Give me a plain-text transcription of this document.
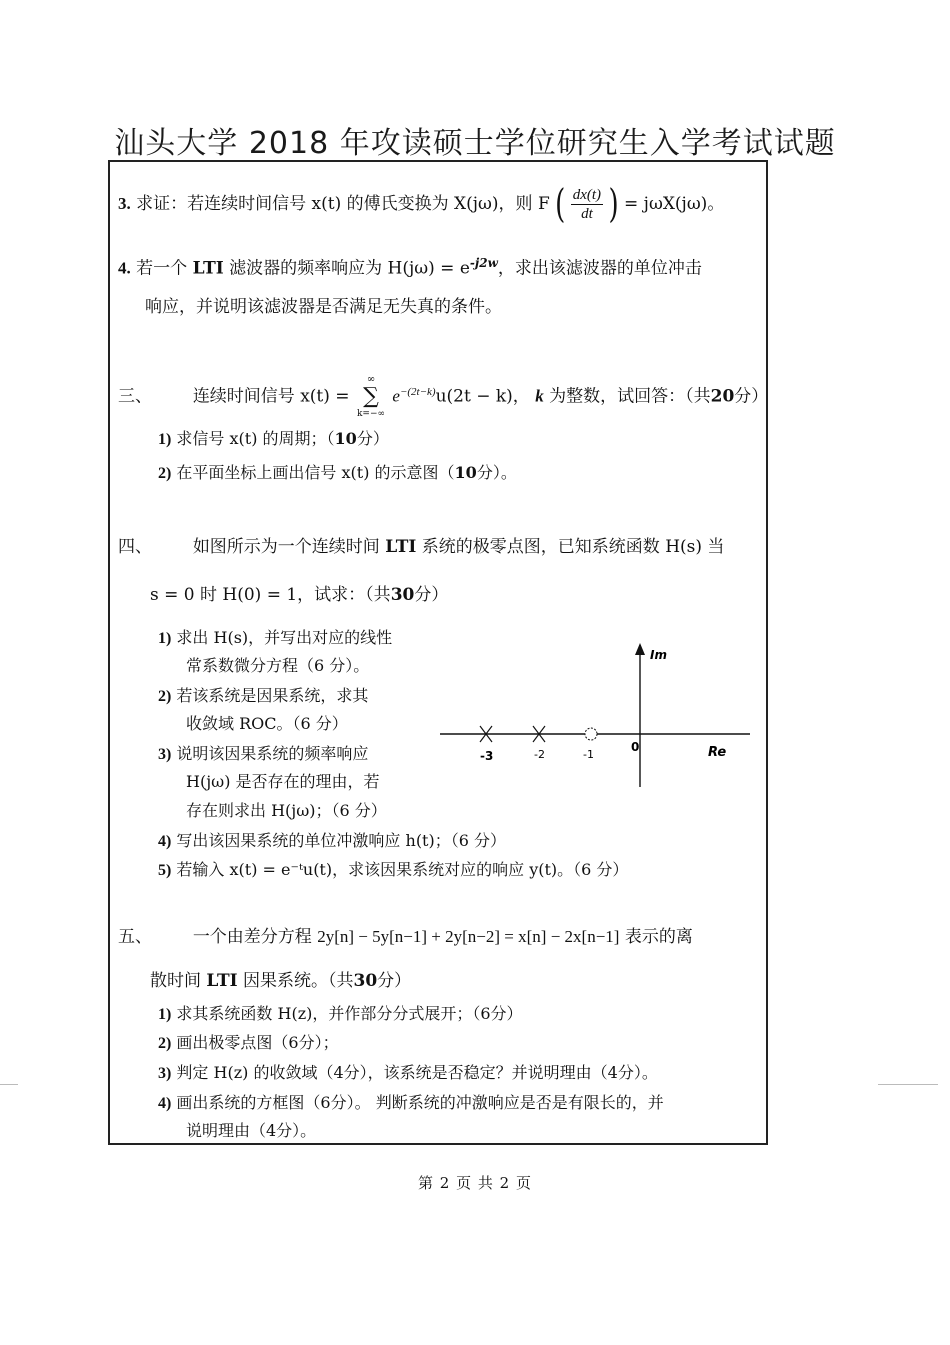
汕头大学 2018 年攻读硕士学位研究生入学考试试题
3. 求证：若连续时间信号 x(t) 的傅氏变换为 X(jω)，则 F ( $\frac{dx(t)}{dt}$ ) = jωX(jω)。
4. 若一个 LTI 滤波器的频率响应为 $H(j\omega) = e^{-j2w}$，求出该滤波器的单位冲击
响应，并说明该滤波器是否满足无失真的条件。
三、 连续时间信号 x(t) =
∞
∑
k=−∞
$e^{-(2t-k)}u(2t - k)$， k 为整数，试回答：（共20分）
1) 求信号 x(t) 的周期；（10分）
2) 在平面坐标上画出信号 x(t) 的示意图（10分）。
四、 如图所示为一个连续时间 LTI 系统的极零点图，已知系统函数 H(s) 当
s = 0 时 H(0) = 1，试求：（共30分）
1) 求出 H(s)，并写出对应的线性
常系数微分方程（6 分）。
2) 若该系统是因果系统，求其
收敛域 ROC。（6 分）
3) 说明该因果系统的频率响应
H(jω) 是否存在的理由，若
存在则求出 H(jω)；（6 分）
4) 写出该因果系统的单位冲激响应 h(t)；（6 分）
5) 若输入 x(t) = e⁻ᵗu(t)，求该因果系统对应的响应 y(t)。（6 分）
Im
Re
-3	-2	-1
0
五、 一个由差分方程 2y[n] − 5y[n−1] + 2y[n−2] = x[n] − 2x[n−1] 表示的离
散时间 LTI 因果系统。（共30分）
1) 求其系统函数 H(z)，并作部分分式展开；（6分）
2) 画出极零点图（6分）；
3) 判定 H(z) 的收敛域（4分），该系统是否稳定？并说明理由（4分）。
4) 画出系统的方框图（6分）。 判断系统的冲激响应是否是有限长的，并
说明理由（4分）。
第 2 页 共 2 页
